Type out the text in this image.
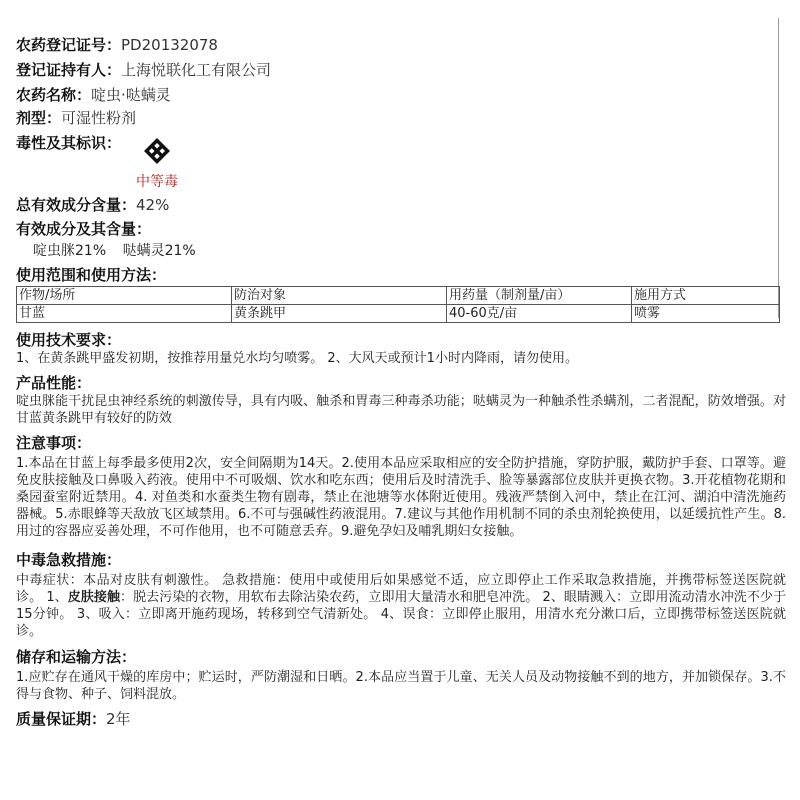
农药登记证号：PD20132078
登记证持有人：上海悦联化工有限公司
农药名称：啶虫·哒螨灵
剂型：可湿性粉剂
毒性及其标识：
中等毒
总有效成分含量：42%
有效成分及其含量：
啶虫脒21% 哒螨灵21%
使用范围和使用方法：
作物/场所	防治对象	用药量（制剂量/亩）	施用方式
甘蓝	黄条跳甲	40-60克/亩	喷雾
使用技术要求：
1、在黄条跳甲盛发初期，按推荐用量兑水均匀喷雾。 2、大风天或预计1小时内降雨，请勿使用。
产品性能：
啶虫脒能干扰昆虫神经系统的刺激传导，具有内吸、触杀和胃毒三种毒杀功能；哒螨灵为一种触杀性杀螨剂，二者混配，防效增强。对甘蓝黄条跳甲有较好的防效
注意事项：
1.本品在甘蓝上每季最多使用2次，安全间隔期为14天。2.使用本品应采取相应的安全防护措施，穿防护服，戴防护手套、口罩等。避免皮肤接触及口鼻吸入药液。使用中不可吸烟、饮水和吃东西；使用后及时清洗手、脸等暴露部位皮肤并更换衣物。3.开花植物花期和桑园蚕室附近禁用。4. 对鱼类和水蚕类生物有剧毒，禁止在池塘等水体附近使用。残液严禁倒入河中，禁止在江河、湖泊中清洗施药器械。5.赤眼蜂等天敌放飞区域禁用。6.不可与强碱性药液混用。7.建议与其他作用机制不同的杀虫剂轮换使用，以延缓抗性产生。8.用过的容器应妥善处理，不可作他用，也不可随意丢弃。9.避免孕妇及哺乳期妇女接触。
中毒急救措施：
中毒症状：本品对皮肤有刺激性。 急救措施：使用中或使用后如果感觉不适，应立即停止工作采取急救措施，并携带标签送医院就诊。 1、皮肤接触：脱去污染的衣物，用软布去除沾染农药，立即用大量清水和肥皂冲洗。 2、眼睛溅入：立即用流动清水冲洗不少于15分钟。 3、吸入：立即离开施药现场，转移到空气清新处。 4、误食：立即停止服用，用清水充分漱口后，立即携带标签送医院就诊。
储存和运输方法：
1.应贮存在通风干燥的库房中；贮运时，严防潮湿和日晒。2.本品应当置于儿童、无关人员及动物接触不到的地方，并加锁保存。3.不得与食物、种子、饲料混放。
质量保证期：2年
